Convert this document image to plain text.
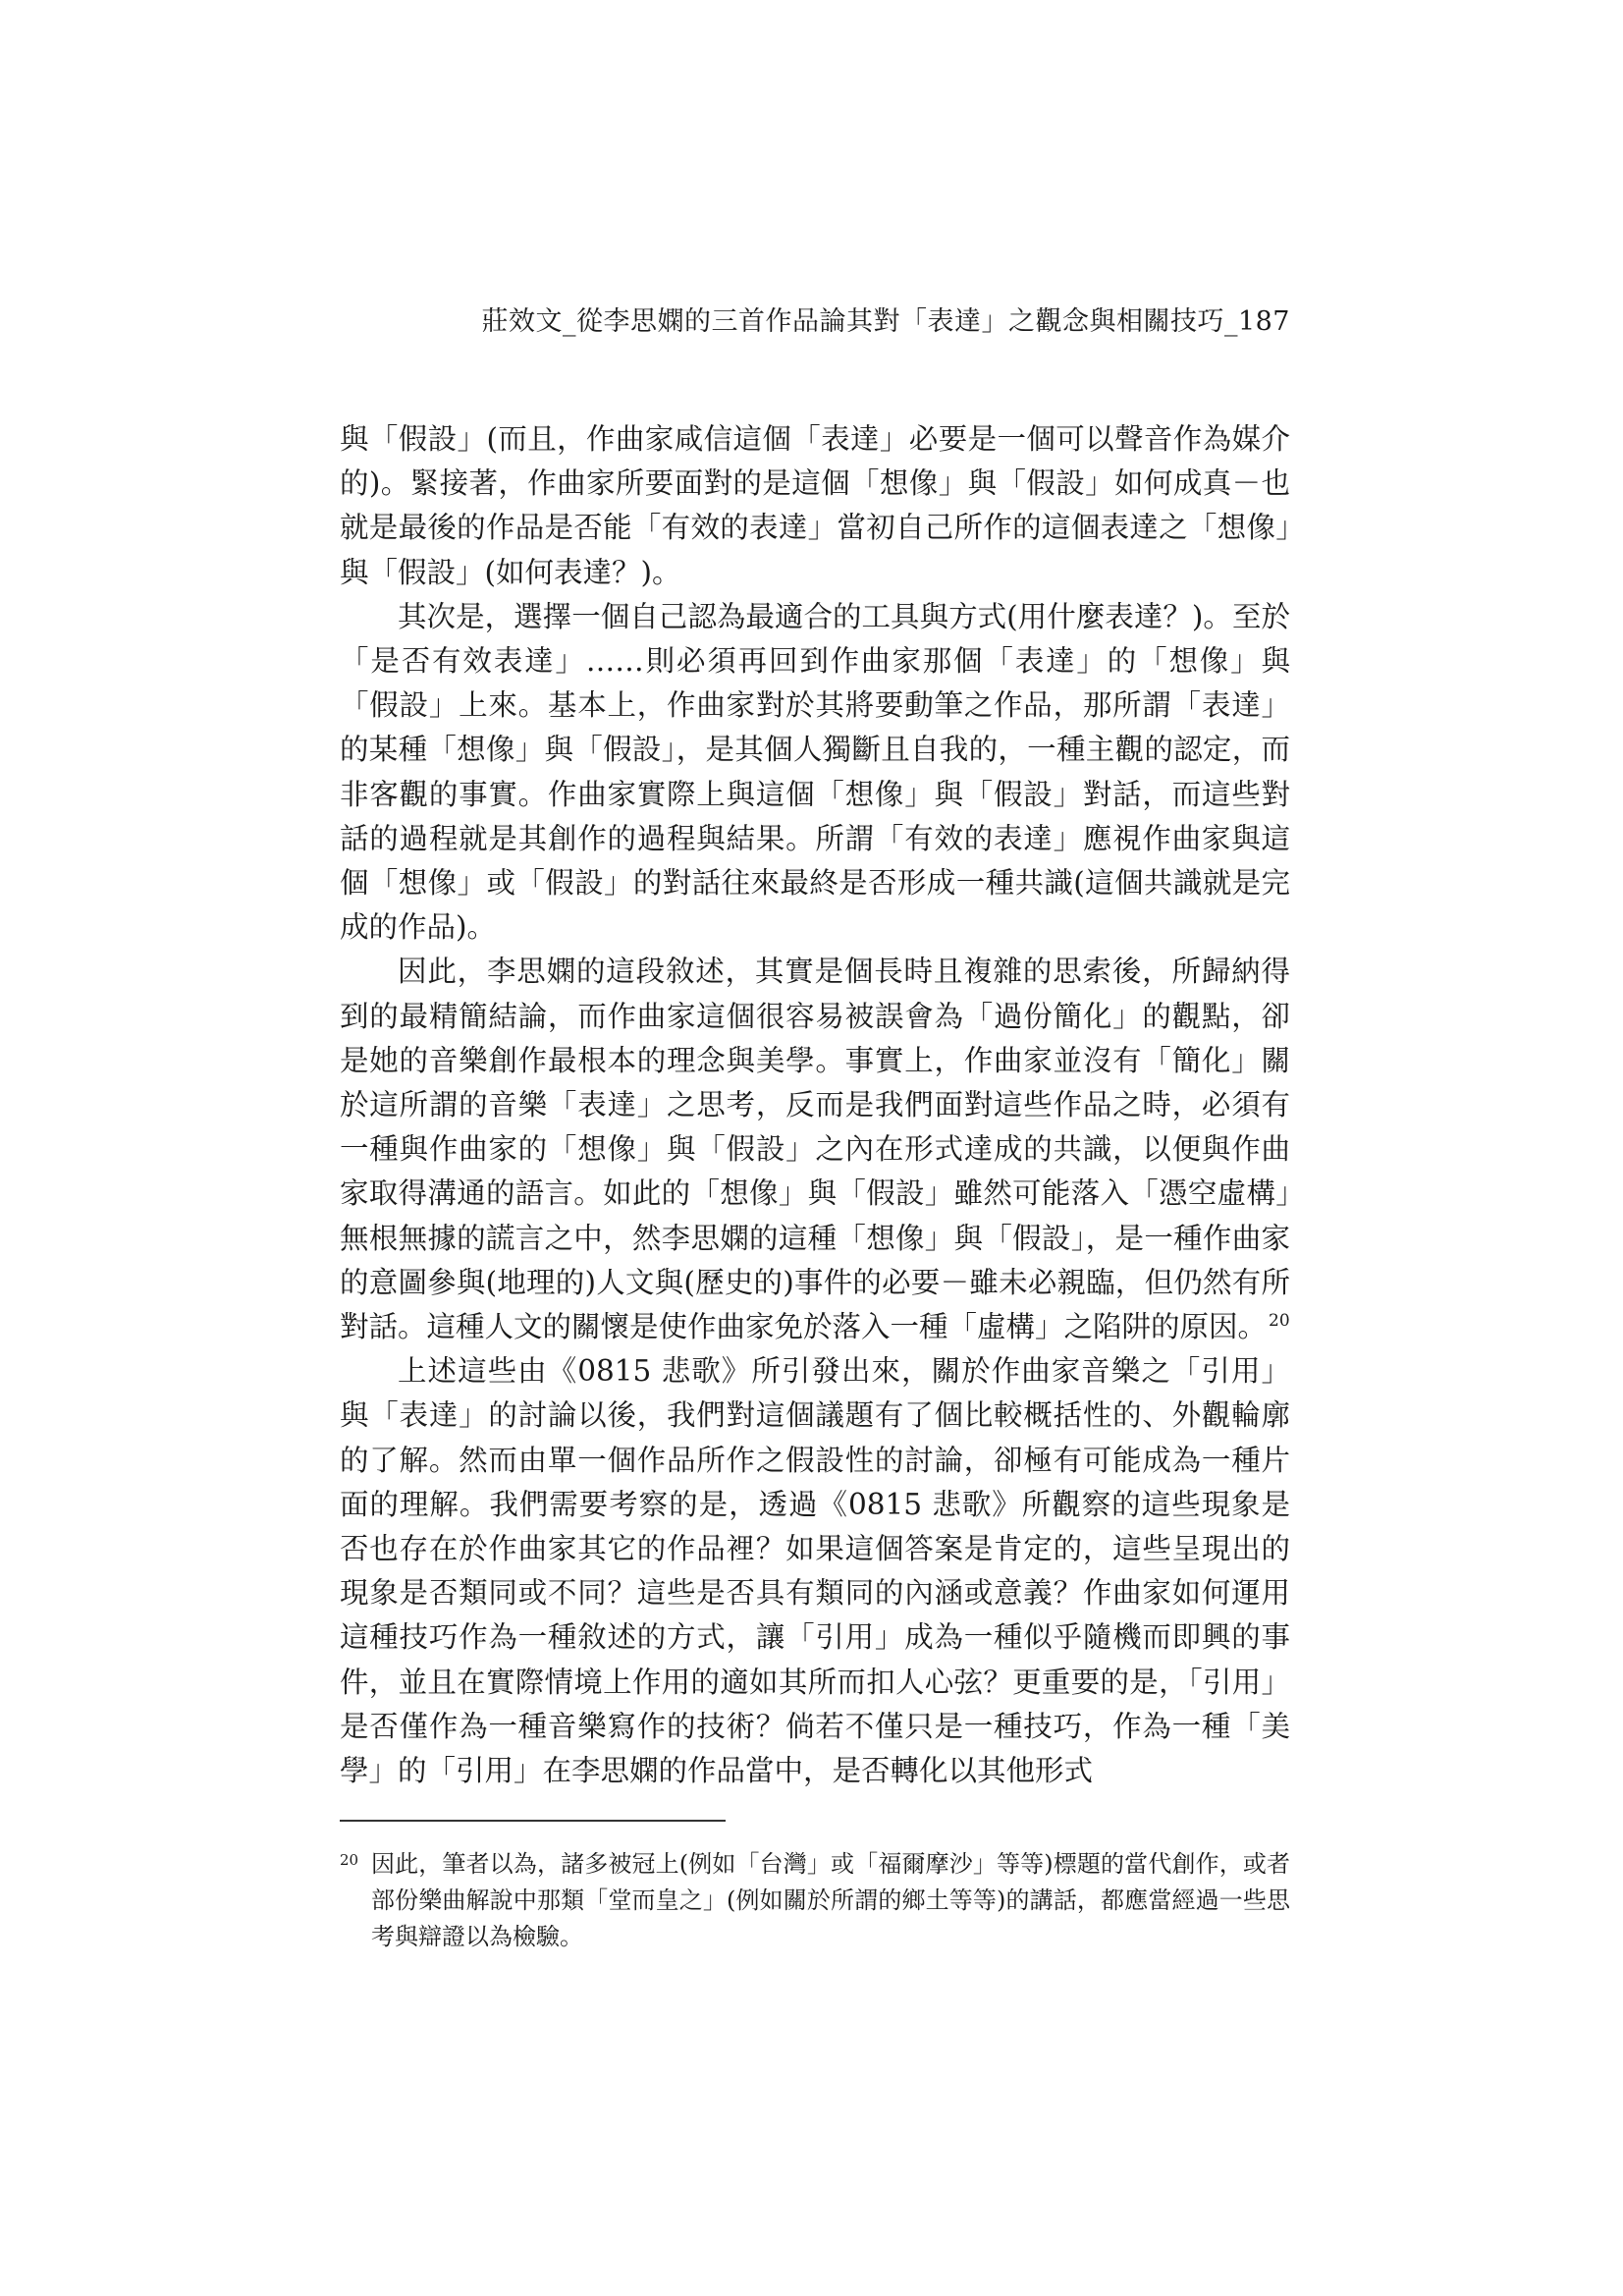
莊效文_從李思嫻的三首作品論其對「表達」之觀念與相關技巧_187

與「假設」(而且，作曲家咸信這個「表達」必要是一個可以聲音作為媒介的)。緊接著，作曲家所要面對的是這個「想像」與「假設」如何成真－也就是最後的作品是否能「有效的表達」當初自己所作的這個表達之「想像」與「假設」(如何表達？)。

其次是，選擇一個自己認為最適合的工具與方式(用什麼表達？)。至於「是否有效表達」……則必須再回到作曲家那個「表達」的「想像」與「假設」上來。基本上，作曲家對於其將要動筆之作品，那所謂「表達」的某種「想像」與「假設」，是其個人獨斷且自我的，一種主觀的認定，而非客觀的事實。作曲家實際上與這個「想像」與「假設」對話，而這些對話的過程就是其創作的過程與結果。所謂「有效的表達」應視作曲家與這個「想像」或「假設」的對話往來最終是否形成一種共識(這個共識就是完成的作品)。

因此，李思嫻的這段敘述，其實是個長時且複雜的思索後，所歸納得到的最精簡結論，而作曲家這個很容易被誤會為「過份簡化」的觀點，卻是她的音樂創作最根本的理念與美學。事實上，作曲家並沒有「簡化」關於這所謂的音樂「表達」之思考，反而是我們面對這些作品之時，必須有一種與作曲家的「想像」與「假設」之內在形式達成的共識，以便與作曲家取得溝通的語言。如此的「想像」與「假設」雖然可能落入「憑空虛構」無根無據的謊言之中，然李思嫻的這種「想像」與「假設」，是一種作曲家的意圖參與(地理的)人文與(歷史的)事件的必要－雖未必親臨，但仍然有所對話。這種人文的關懷是使作曲家免於落入一種「虛構」之陷阱的原因。 $^{20}$

上述這些由《0815 悲歌》所引發出來，關於作曲家音樂之「引用」與「表達」的討論以後，我們對這個議題有了個比較概括性的、外觀輪廓的了解。然而由單一個作品所作之假設性的討論，卻極有可能成為一種片面的理解。我們需要考察的是，透過《0815 悲歌》所觀察的這些現象是否也存在於作曲家其它的作品裡？如果這個答案是肯定的，這些呈現出的現象是否類同或不同？這些是否具有類同的內涵或意義？作曲家如何運用這種技巧作為一種敘述的方式，讓「引用」成為一種似乎隨機而即興的事件，並且在實際情境上作用的適如其所而扣人心弦？更重要的是，「引用」是否僅作為一種音樂寫作的技術？倘若不僅只是一種技巧，作為一種「美學」的「引用」在李思嫻的作品當中，是否轉化以其他形式

20 因此，筆者以為，諸多被冠上(例如「台灣」或「福爾摩沙」等等)標題的當代創作，或者部份樂曲解說中那類「堂而皇之」(例如關於所謂的鄉土等等)的講話，都應當經過一些思考與辯證以為檢驗。
